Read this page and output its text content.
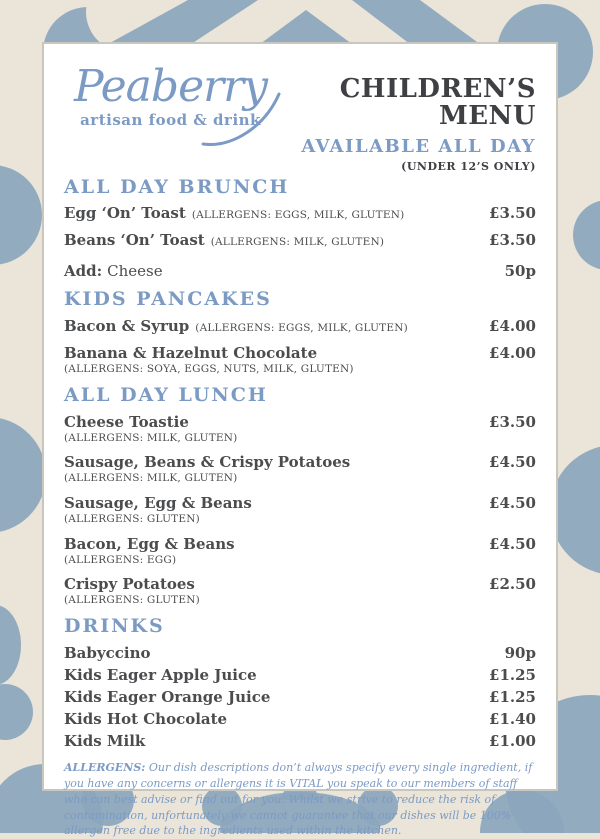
Peaberry
artisan food & drink
CHILDREN’S MENU
AVAILABLE ALL DAY
(UNDER 12’S ONLY)
ALL DAY BRUNCH
Egg ‘On’ Toast (ALLERGENS: EGGS, MILK, GLUTEN)	£3.50
Beans ‘On’ Toast (ALLERGENS: MILK, GLUTEN)	£3.50
Add: Cheese	50p
KIDS PANCAKES
Bacon & Syrup (ALLERGENS: EGGS, MILK, GLUTEN)	£4.00
Banana & Hazelnut Chocolate	£4.00
(ALLERGENS: SOYA, EGGS, NUTS, MILK, GLUTEN)
ALL DAY LUNCH
Cheese Toastie	£3.50
(ALLERGENS: MILK, GLUTEN)
Sausage, Beans & Crispy Potatoes	£4.50
(ALLERGENS: MILK, GLUTEN)
Sausage, Egg & Beans	£4.50
(ALLERGENS: GLUTEN)
Bacon, Egg & Beans	£4.50
(ALLERGENS: EGG)
Crispy Potatoes	£2.50
(ALLERGENS: GLUTEN)
DRINKS
Babyccino	90p
Kids Eager Apple Juice	£1.25
Kids Eager Orange Juice	£1.25
Kids Hot Chocolate	£1.40
Kids Milk	£1.00

ALLERGENS: Our dish descriptions don’t always specify every single ingredient, if you have any concerns or allergens it is VITAL you speak to our members of staff who can best advise or find out for you. Whilst we strive to reduce the risk of contamination, unfortunately we cannot guarantee that our dishes will be 100% allergen free due to the ingredients used within the kitchen.
